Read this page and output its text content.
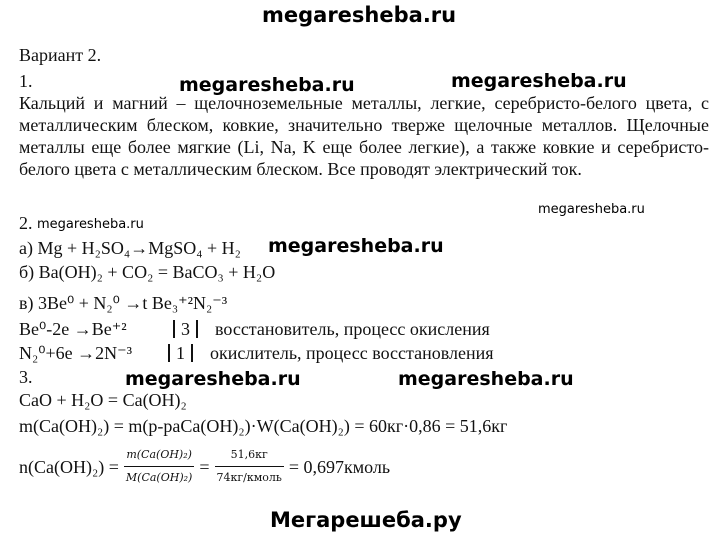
megaresheba.ru
Вариант 2.
1.	megaresheba.ru	megaresheba.ru
Кальций и магний – щелочноземельные металлы, легкие, серебристо-белого цвета, с металлическим блеском, ковкие, значительно тверже щелочные металлов. Щелочные металлы еще более мягкие (Li, Na, K еще более легкие), а также ковкие и серебристо-белого цвета с металлическим блеском. Все проводят электрический ток.
2. megaresheba.ru
megaresheba.ru
а) Mg + H₂SO₄→MgSO₄ + H₂ megaresheba.ru
б) Ba(OH)₂ + CO₂ = BaCO₃ + H₂O
в) 3Be⁰ + N₂⁰ →t Be₃⁺²N₂⁻³
Be⁰-2e →Be⁺²	3	восстановитель, процесс окисления
N₂⁰+6e →2N⁻³	1	окислитель, процесс восстановления
3.	megaresheba.ru	megaresheba.ru
CaO + H₂O = Ca(OH)₂
m(Ca(OH)₂) = m(р-раCa(OH)₂)·W(Ca(OH)₂) = 60кг·0,86 = 51,6кг
$n(Ca(OH)_2) = \frac{\text{m(Ca(OH)₂)}}{\text{M(Ca(OH)₂)}} = \frac{51,6кг}{\text{74кг/кмоль}}$ = 0,697кмоль
Мегарешеба.ру
